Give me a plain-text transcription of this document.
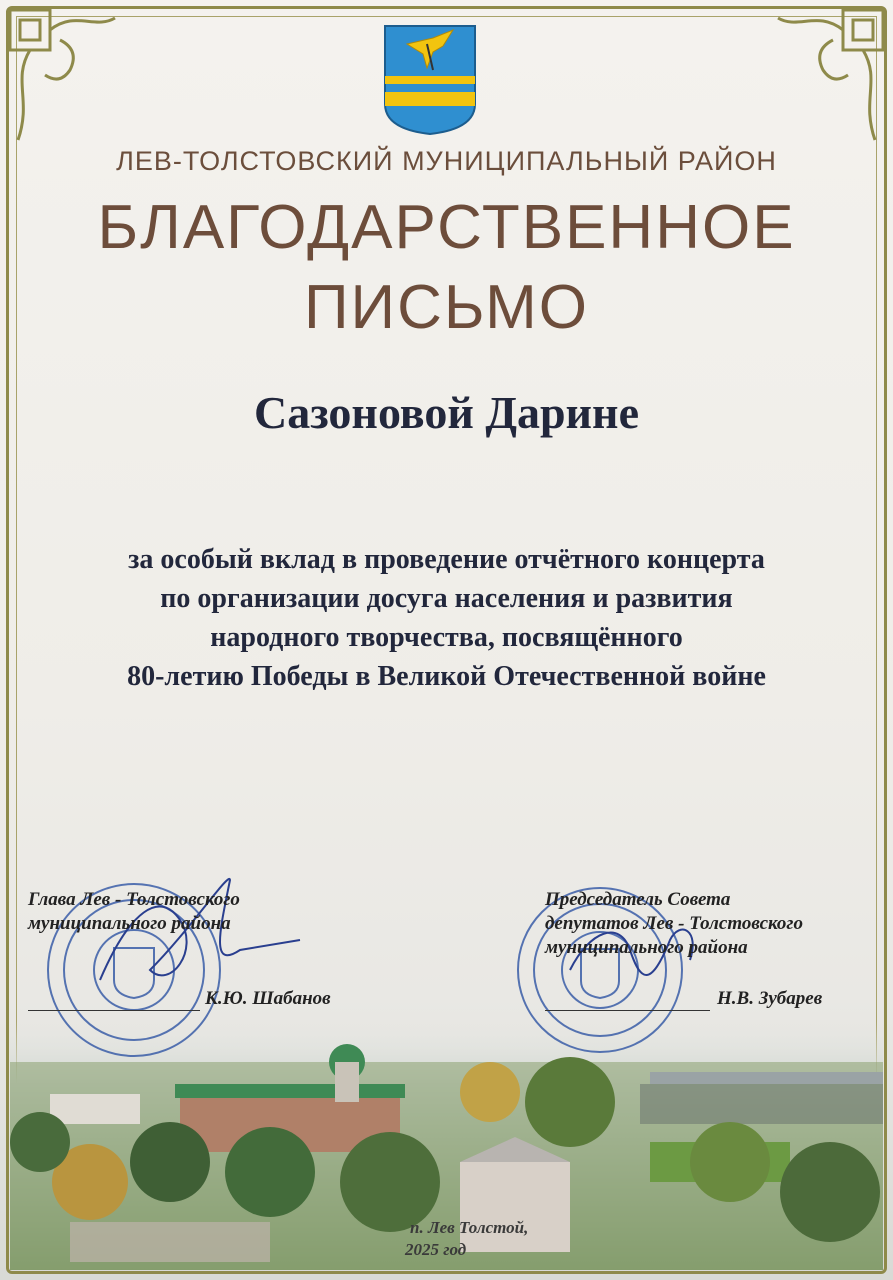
ЛЕВ-ТОЛСТОВСКИЙ МУНИЦИПАЛЬНЫЙ РАЙОН
БЛАГОДАРСТВЕННОЕ
ПИСЬМО
Сазоновой Дарине
за особый вклад в проведение отчётного концерта
по организации досуга населения и развития
народного творчества, посвящённого
80-летию Победы в Великой Отечественной войне
п. Лев Толстой,
2025 год
Глава Лев - Толстовского
муниципального района
К.Ю. Шабанов
Председатель Совета
депутатов Лев - Толстовского
муниципального района
Н.В. Зубарев
